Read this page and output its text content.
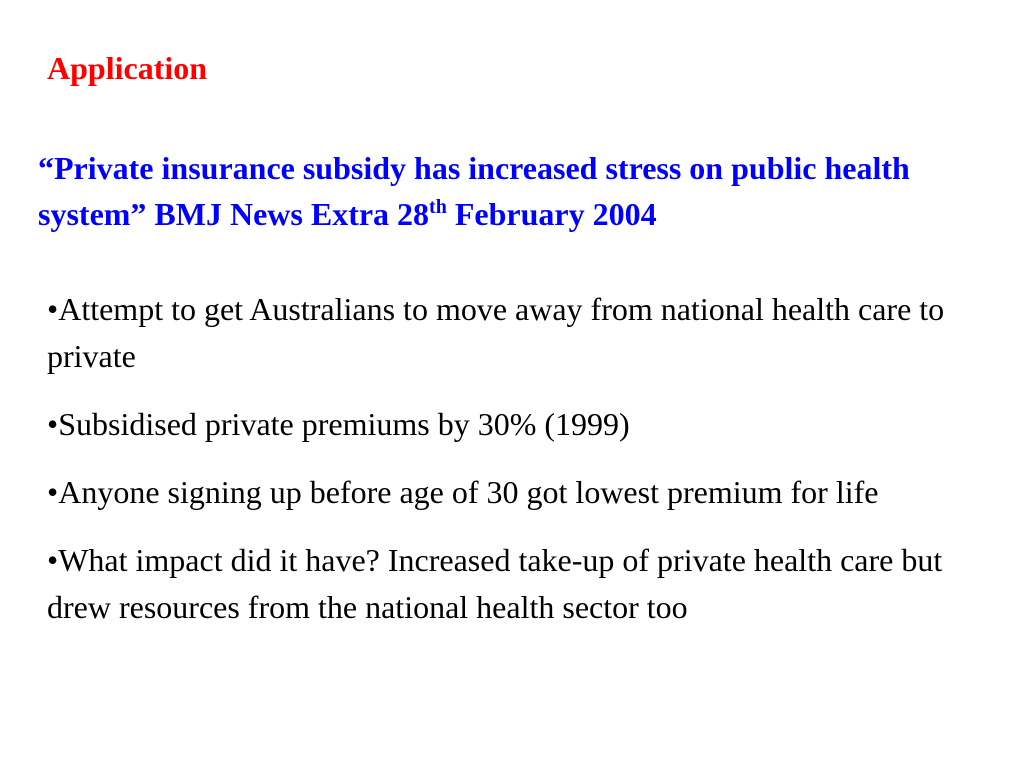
Application
“Private insurance subsidy has increased stress on public health system” BMJ News Extra 28th February 2004
•Attempt to get Australians to move away from national health care to private
•Subsidised private premiums by 30% (1999)
•Anyone signing up before age of 30 got lowest premium for life
•What impact did it have? Increased take-up of private health care but drew resources from the national health sector too
